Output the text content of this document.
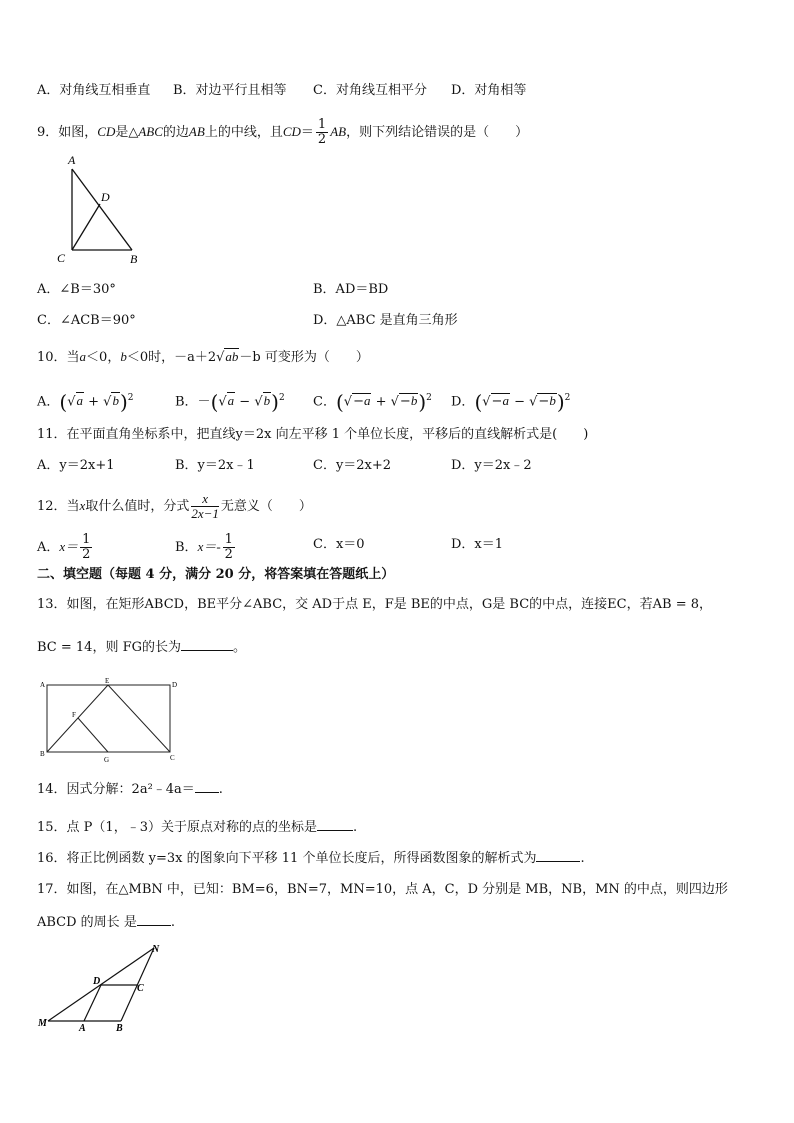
A．对角线互相垂直 B．对边平行且相等 C．对角线互相平分 D．对角相等
9．如图，CD是△ABC的边AB上的中线，且$CD= \frac{1}{2}$ AB，则下列结论错误的是（　　）
A
D
C	B
A．∠B＝30°	B．AD＝BD
C．∠ACB＝90°	D．△ABC 是直角三角形
10．当a＜0，b＜0时，－a＋2√ab－b 可变形为（　　）
A．$(√a + √b)^2$	B．$-(√a - √b)^2$ C．$(√-a + √-b)^2$ D．$(√-a - √-b)^2$
11．在平面直角坐标系中，把直线y＝2x 向左平移 1 个单位长度，平移后的直线解析式是(　　)
A．y＝2x+1	B．y＝2x﹣1	C．y＝2x+2	D．y＝2x﹣2
12．当x取什么值时，分式 $\frac{x}{2x-1}$ 无意义（　　）
A．$x= \frac{1}{2}$	B．$x=- \frac{1}{2}$	C．x＝0	D．x＝1
二、填空题（每题 4 分，满分 20 分，将答案填在答题纸上）
13．如图，在矩形ABCD，BE平分∠ABC，交 AD于点 E，F是 BE的中点，G是 BC的中点，连接EC，若AB = 8，
BC = 14，则 FG的长为	。
A	E	D
F
B
G	C
14．因式分解：2a²﹣4a＝ .
15．点 P（1，﹣3）关于原点对称的点的坐标是	.
16．将正比例函数 y=3x 的图象向下平移 11 个单位长度后，所得函数图象的解析式为	.
17．如图，在△MBN 中，已知：BM=6，BN=7，MN=10，点 A，C，D 分别是 MB，NB，MN 的中点，则四边形
ABCD 的周长 是	.
N
D
C
M	A	B
